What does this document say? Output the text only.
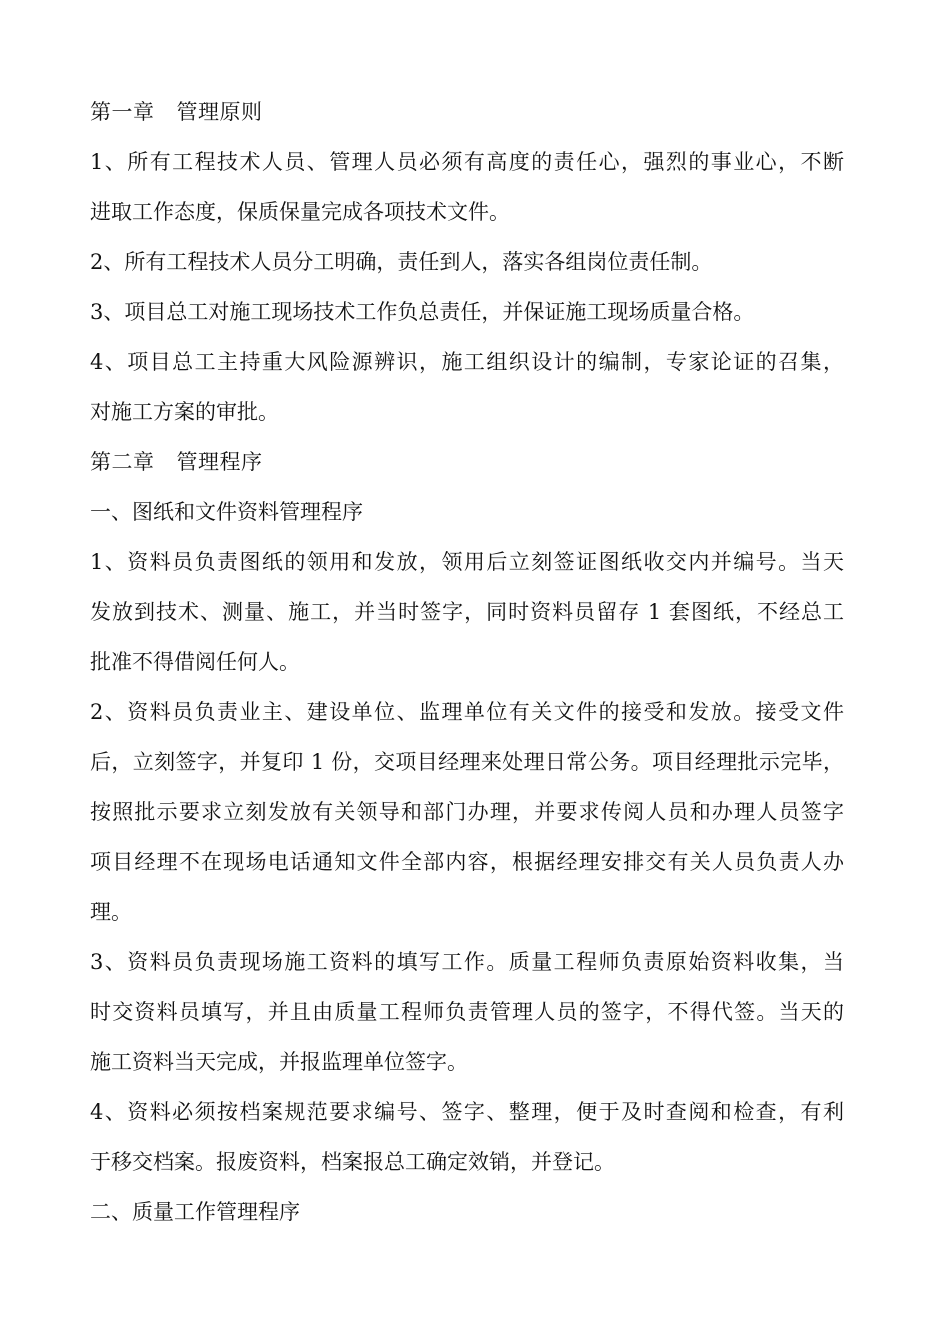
第一章 管理原则

1、所有工程技术人员、管理人员必须有高度的责任心，强烈的事业心，不断

进取工作态度，保质保量完成各项技术文件。

2、所有工程技术人员分工明确，责任到人，落实各组岗位责任制。

3、项目总工对施工现场技术工作负总责任，并保证施工现场质量合格。

4、项目总工主持重大风险源辨识，施工组织设计的编制，专家论证的召集，

对施工方案的审批。

第二章 管理程序

一、图纸和文件资料管理程序

1、资料员负责图纸的领用和发放，领用后立刻签证图纸收交内并编号。当天

发放到技术、测量、施工，并当时签字，同时资料员留存 1 套图纸，不经总工

批准不得借阅任何人。

2、资料员负责业主、建设单位、监理单位有关文件的接受和发放。接受文件

后，立刻签字，并复印 1 份，交项目经理来处理日常公务。项目经理批示完毕，

按照批示要求立刻发放有关领导和部门办理，并要求传阅人员和办理人员签字

项目经理不在现场电话通知文件全部内容，根据经理安排交有关人员负责人办

理。

3、资料员负责现场施工资料的填写工作。质量工程师负责原始资料收集，当

时交资料员填写，并且由质量工程师负责管理人员的签字，不得代签。当天的

施工资料当天完成，并报监理单位签字。

4、资料必须按档案规范要求编号、签字、整理，便于及时查阅和检查，有利

于移交档案。报废资料，档案报总工确定效销，并登记。

二、质量工作管理程序
